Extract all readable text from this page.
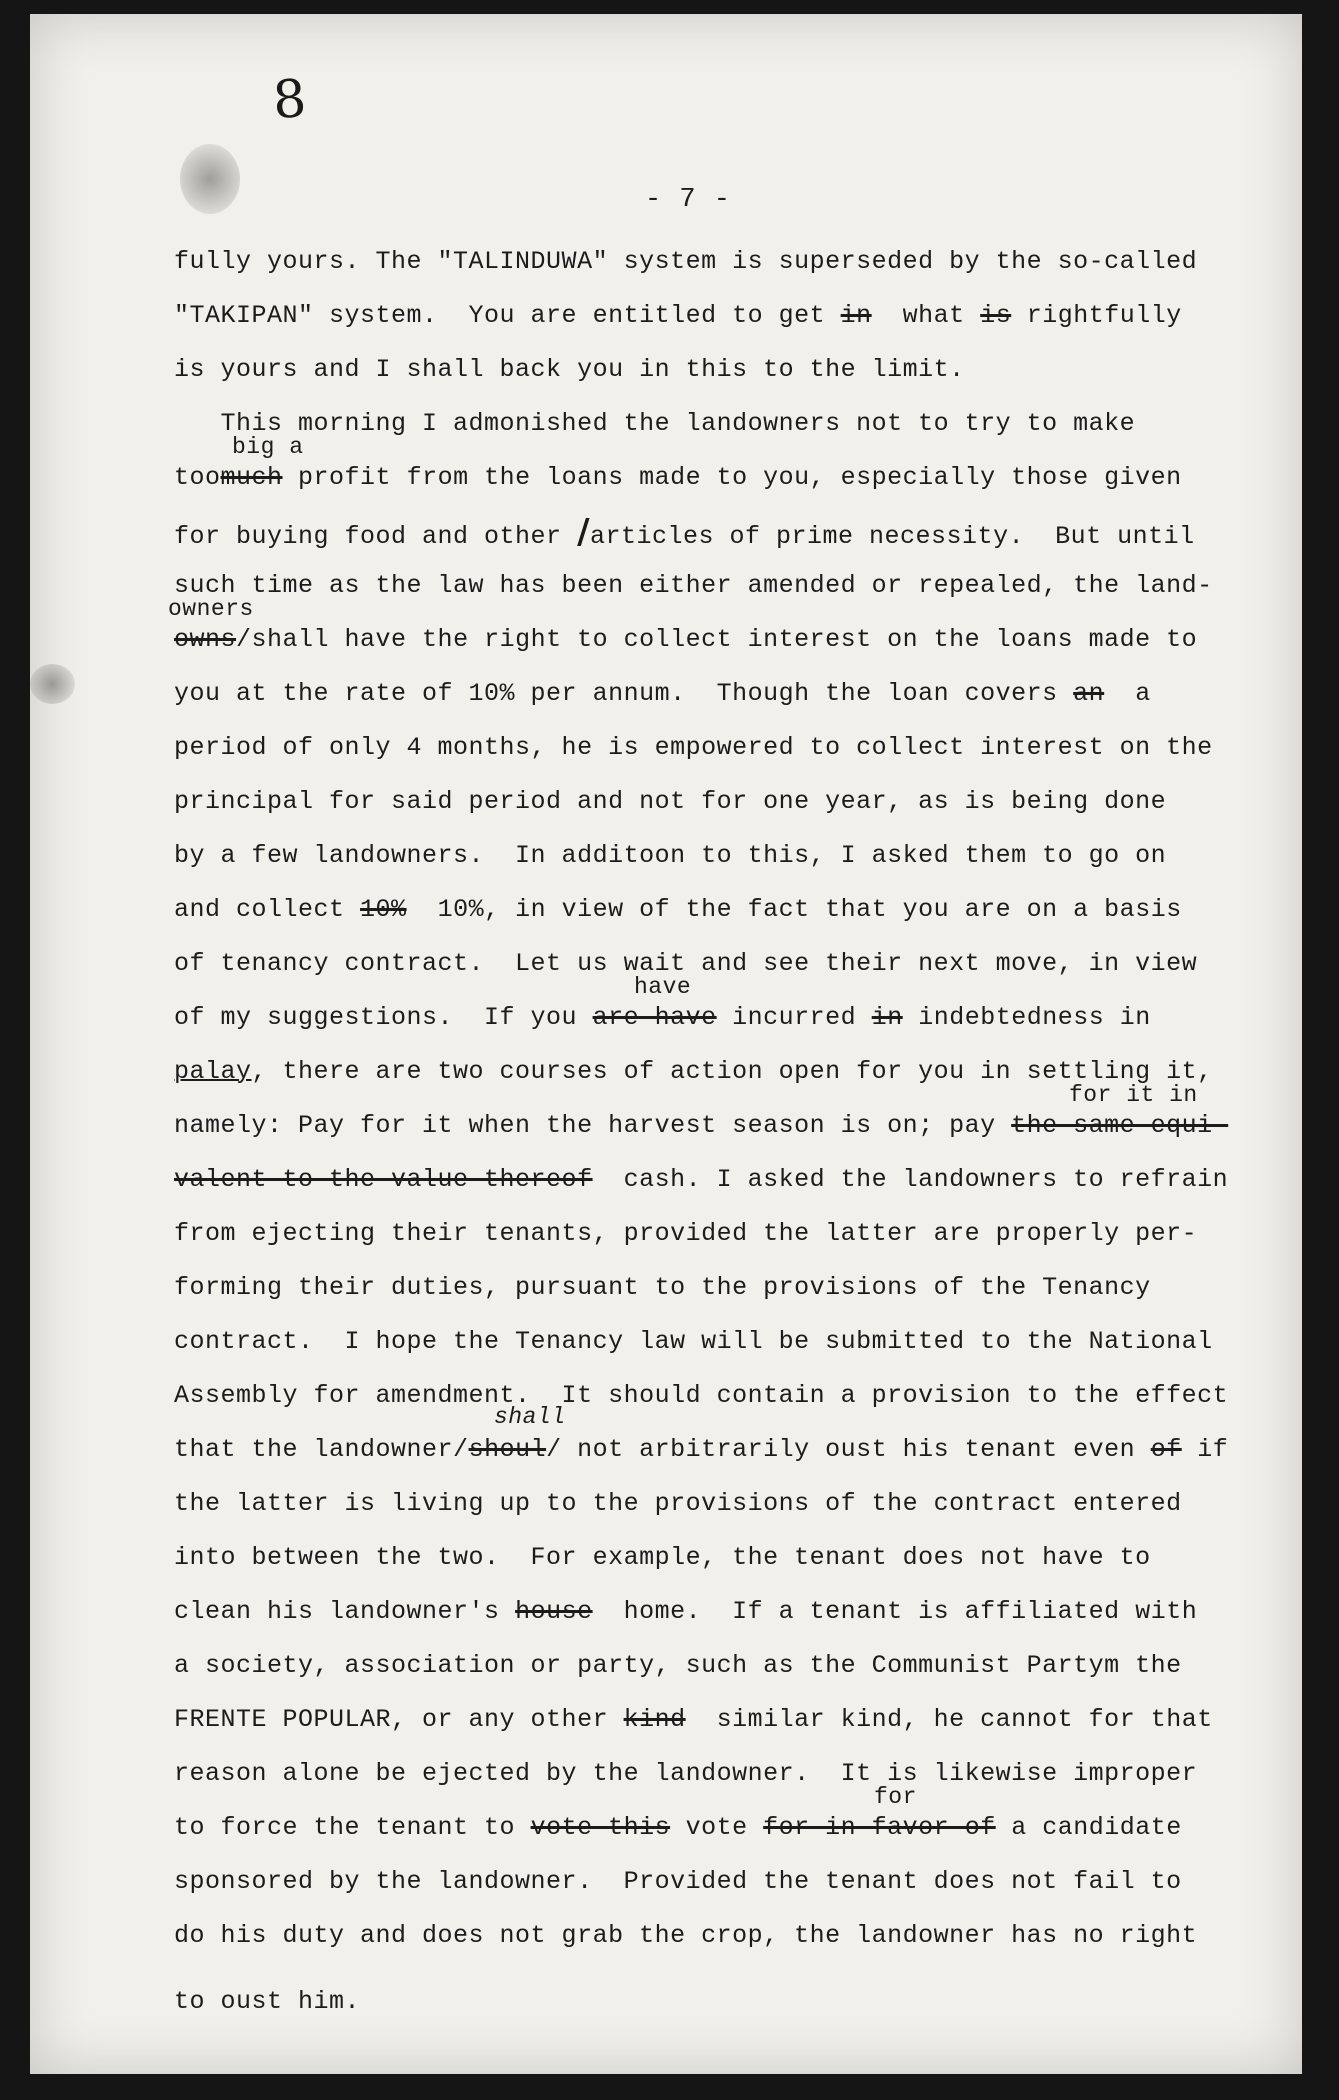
8
- 7 -
fully yours. The "TALINDUWA" system is superseded by the so-called
"TAKIPAN" system.  You are entitled to get in what is rightfully
is yours and I shall back you in this to the limit.
This morning I admonished the landowners not to try to make
big a
toomuch profit from the loans made to you, especially those given
for buying food and other /articles of prime necessity.  But until
such time as the law has been either amended or repealed, the land-
owners
owns/shall have the right to collect interest on the loans made to
you at the rate of 10% per annum.  Though the loan covers an a
period of only 4 months, he is empowered to collect interest on the
principal for said period and not for one year, as is being done
by a few landowners.  In additoon to this, I asked them to go on
and collect 10% 10%, in view of the fact that you are on a basis
of tenancy contract.  Let us wait and see their next move, in view
have
of my suggestions.  If you are have incurred in indebtedness in
palay, there are two courses of action open for you in settling it,
for it in
namely: Pay for it when the harvest season is on; pay the same equi-
valent to the value thereof cash. I asked the landowners to refrain
from ejecting their tenants, provided the latter are properly per-
forming their duties, pursuant to the provisions of the Tenancy
contract.  I hope the Tenancy law will be submitted to the National
Assembly for amendment.  It should contain a provision to the effect
shall
that the landowner/shoul/ not arbitrarily oust his tenant even of if
the latter is living up to the provisions of the contract entered
into between the two.  For example, the tenant does not have to
clean his landowner's house home.  If a tenant is affiliated with
a society, association or party, such as the Communist Partym the
FRENTE POPULAR, or any other kind similar kind, he cannot for that
reason alone be ejected by the landowner.  It is likewise improper
for
to force the tenant to vote this vote for in favor of a candidate
sponsored by the landowner.  Provided the tenant does not fail to
do his duty and does not grab the crop, the landowner has no right
to oust him.
